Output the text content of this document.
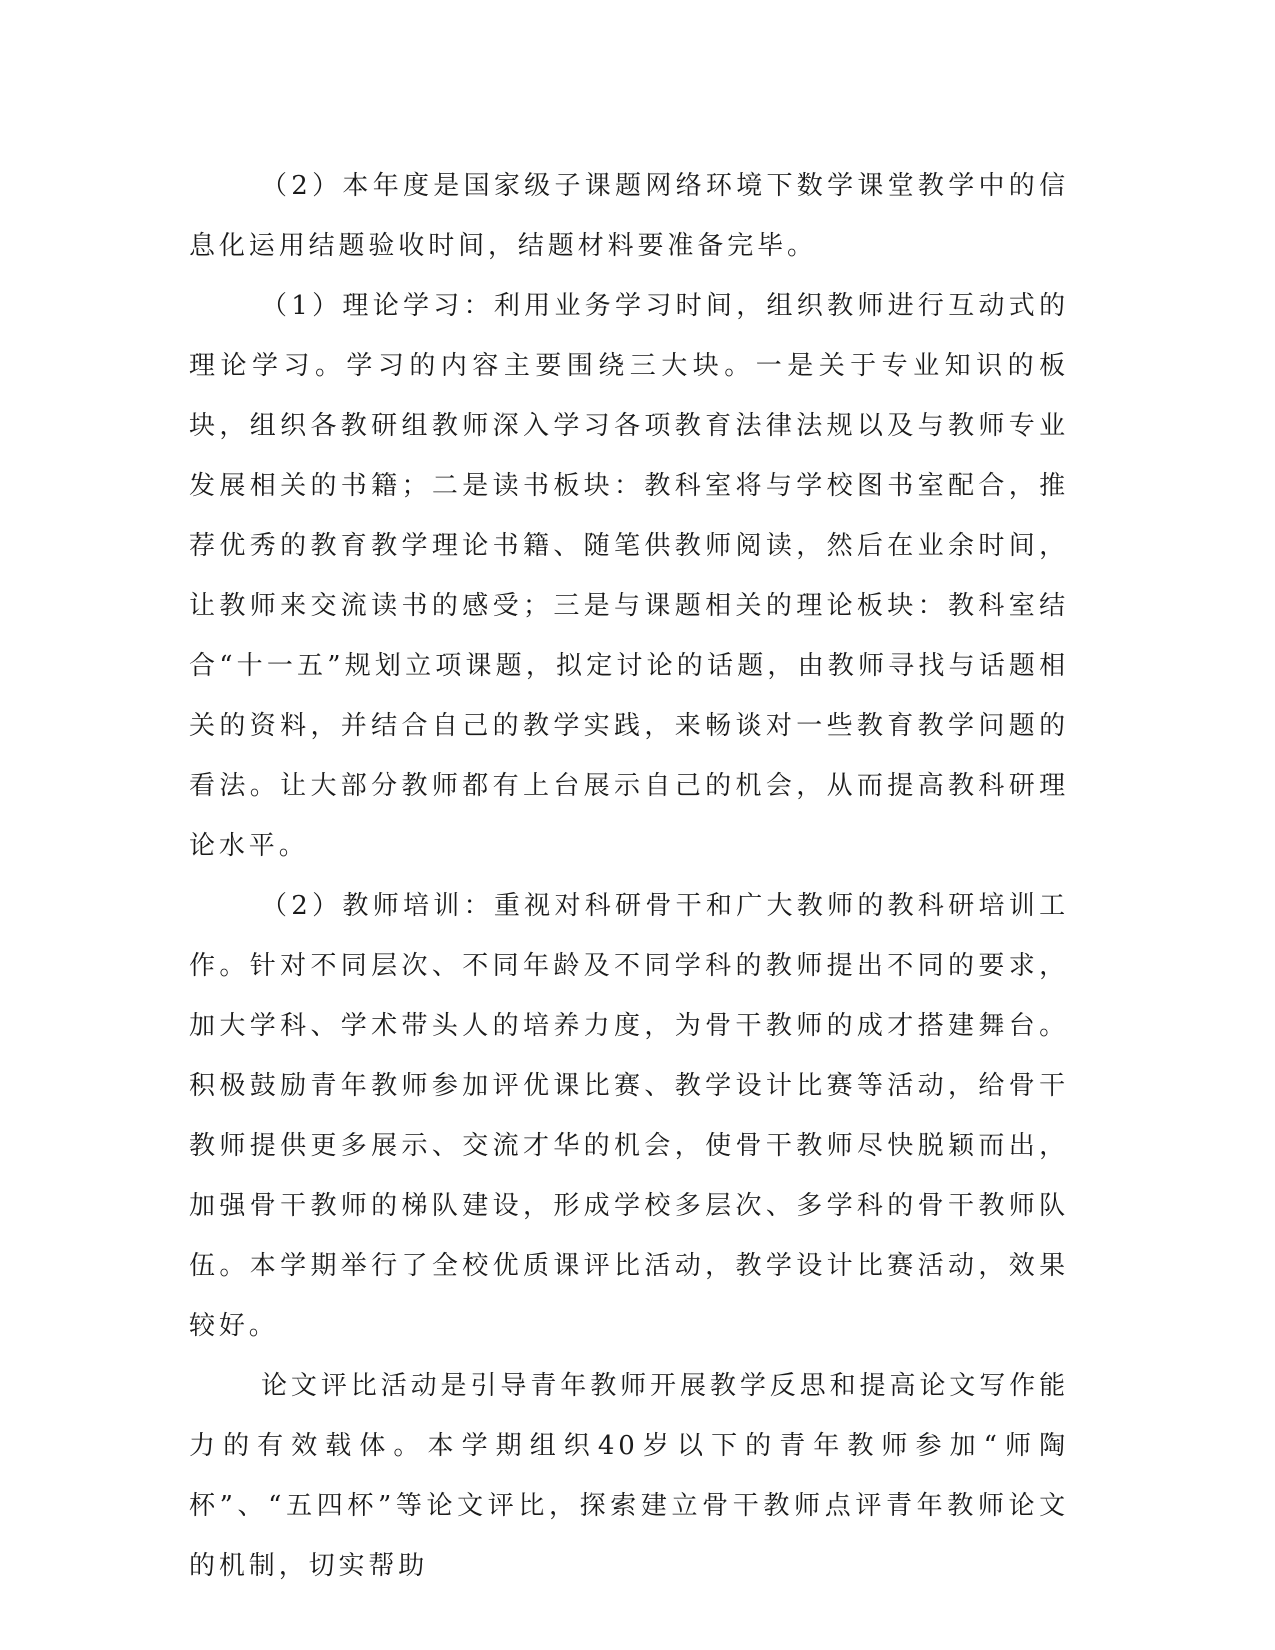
（2）本年度是国家级子课题网络环境下数学课堂教学中的信息化运用结题验收时间，结题材料要准备完毕。

（1）理论学习：利用业务学习时间，组织教师进行互动式的理论学习。学习的内容主要围绕三大块。一是关于专业知识的板块，组织各教研组教师深入学习各项教育法律法规以及与教师专业发展相关的书籍；二是读书板块：教科室将与学校图书室配合，推荐优秀的教育教学理论书籍、随笔供教师阅读，然后在业余时间，让教师来交流读书的感受；三是与课题相关的理论板块：教科室结合“十一五”规划立项课题，拟定讨论的话题，由教师寻找与话题相关的资料，并结合自己的教学实践，来畅谈对一些教育教学问题的看法。让大部分教师都有上台展示自己的机会，从而提高教科研理论水平。

（2）教师培训：重视对科研骨干和广大教师的教科研培训工作。针对不同层次、不同年龄及不同学科的教师提出不同的要求，加大学科、学术带头人的培养力度，为骨干教师的成才搭建舞台。积极鼓励青年教师参加评优课比赛、教学设计比赛等活动，给骨干教师提供更多展示、交流才华的机会，使骨干教师尽快脱颖而出，加强骨干教师的梯队建设，形成学校多层次、多学科的骨干教师队伍。本学期举行了全校优质课评比活动，教学设计比赛活动，效果较好。

论文评比活动是引导青年教师开展教学反思和提高论文写作能力的有效载体。本学期组织40岁以下的青年教师参加“师陶杯”、“五四杯”等论文评比，探索建立骨干教师点评青年教师论文的机制，切实帮助
